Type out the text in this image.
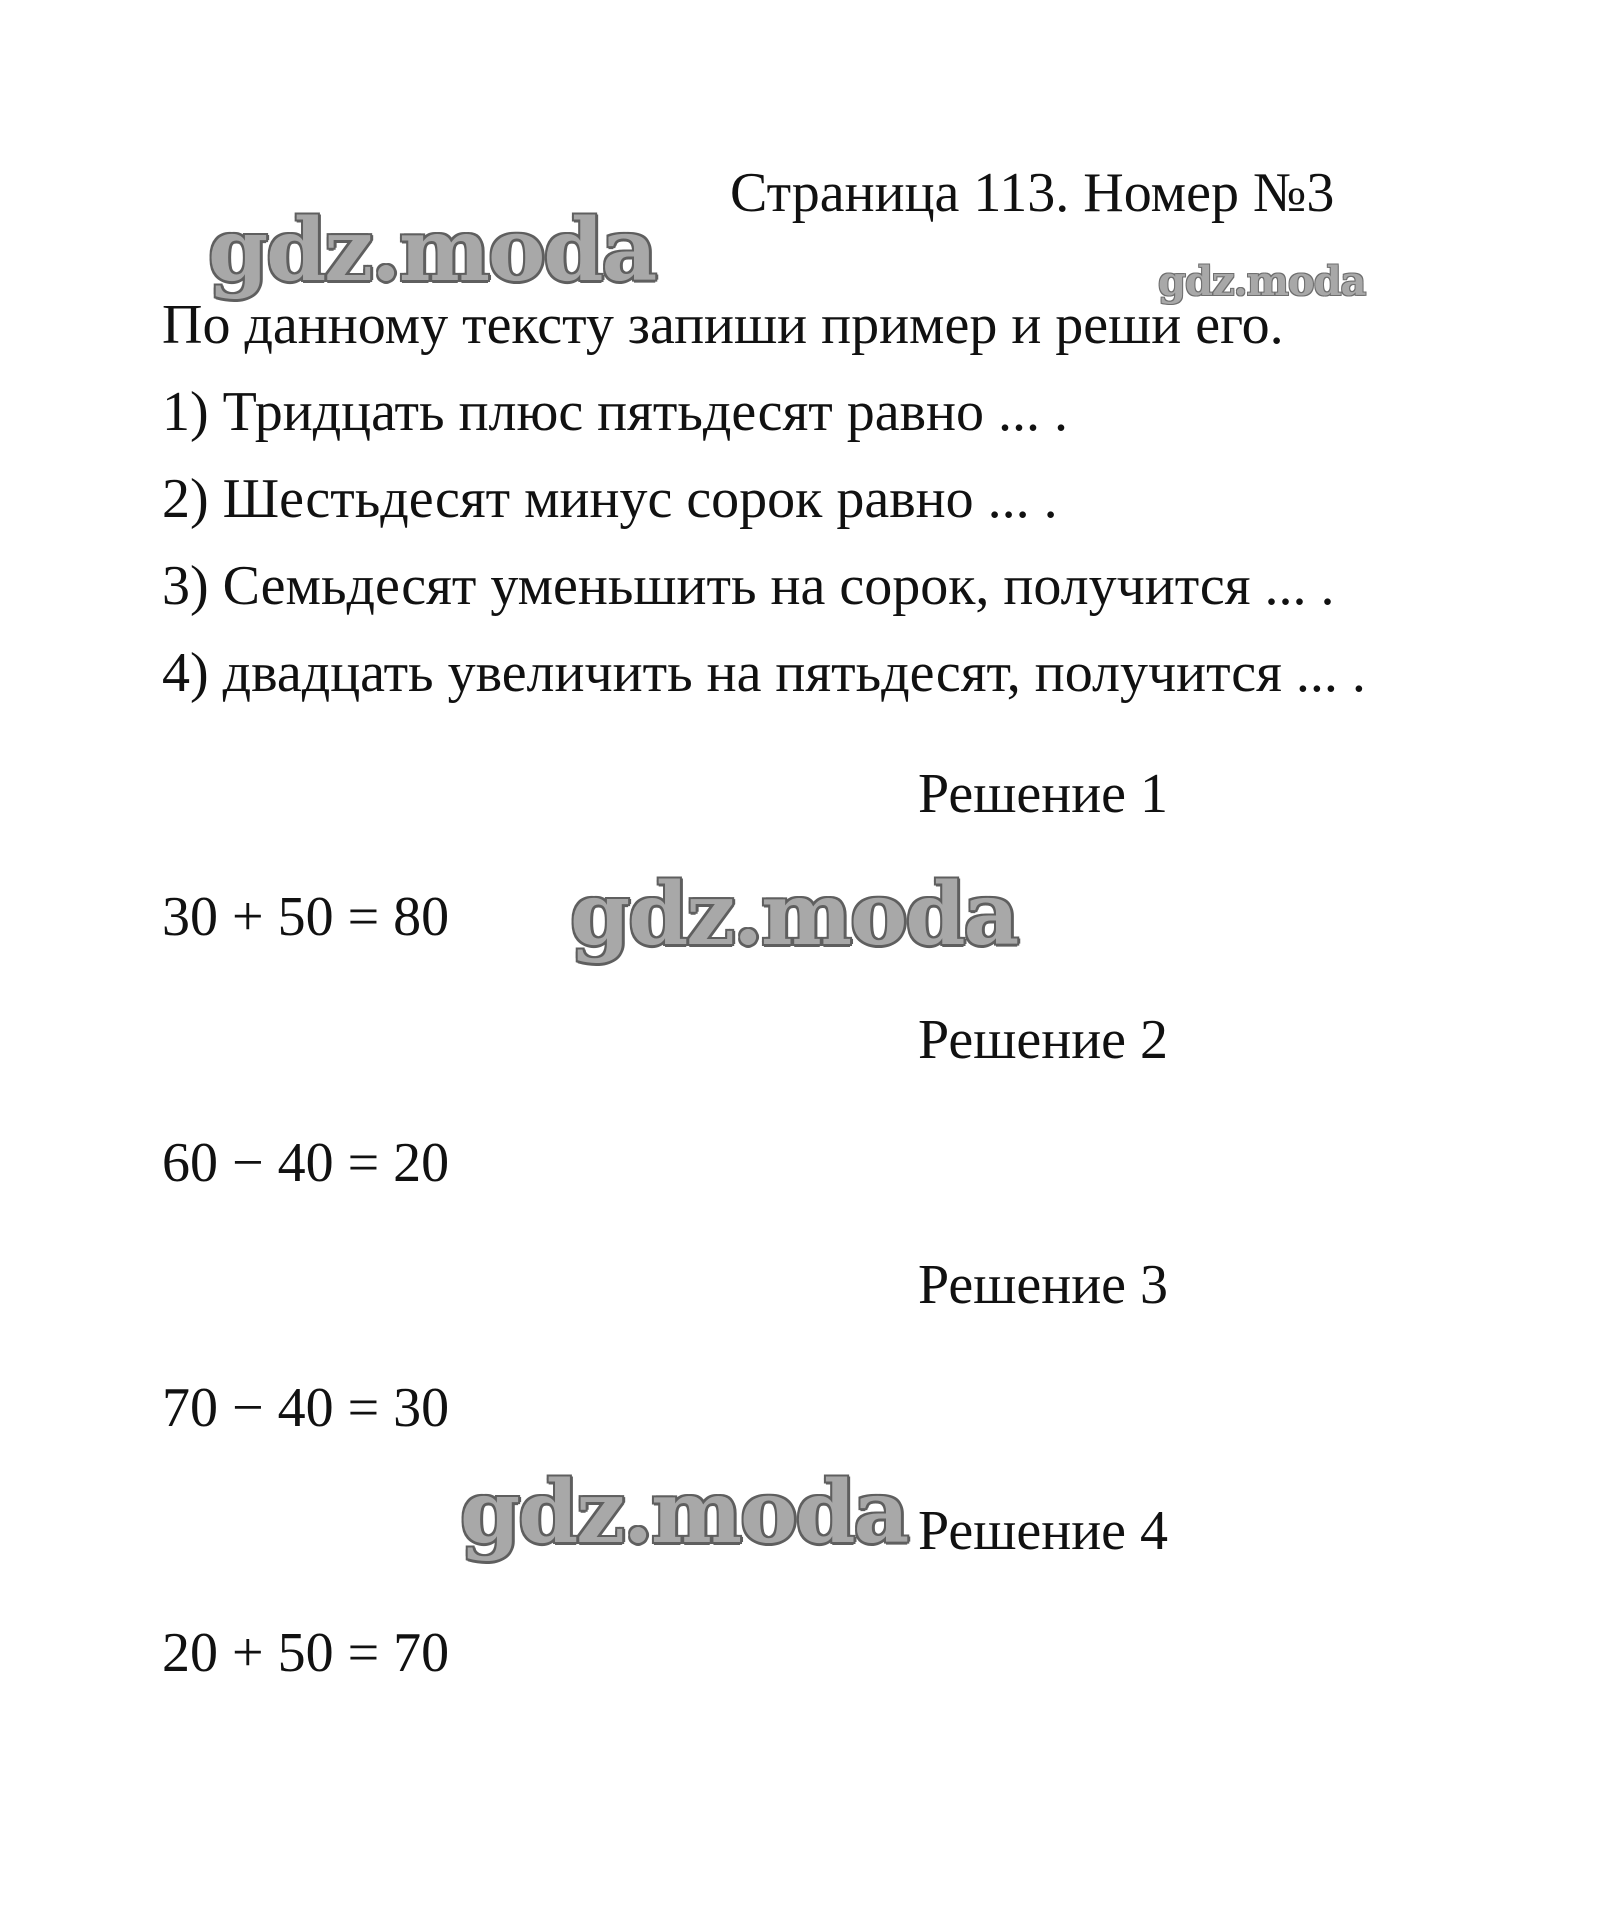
Страница 113. Номер №3
gdz.moda	gdz.moda
По данному тексту запиши пример и реши его.
1) Тридцать плюс пятьдесят равно ... .
2) Шестьдесят минус сорок равно ... .
3) Семьдесят уменьшить на сорок, получится ... .
4) двадцать увеличить на пятьдесят, получится ... .
Решение 1
30 + 50 = 80 gdz.moda
Решение 2
60 − 40 = 20
Решение 3
70 − 40 = 30
gdz.moda Решение 4
20 + 50 = 70
